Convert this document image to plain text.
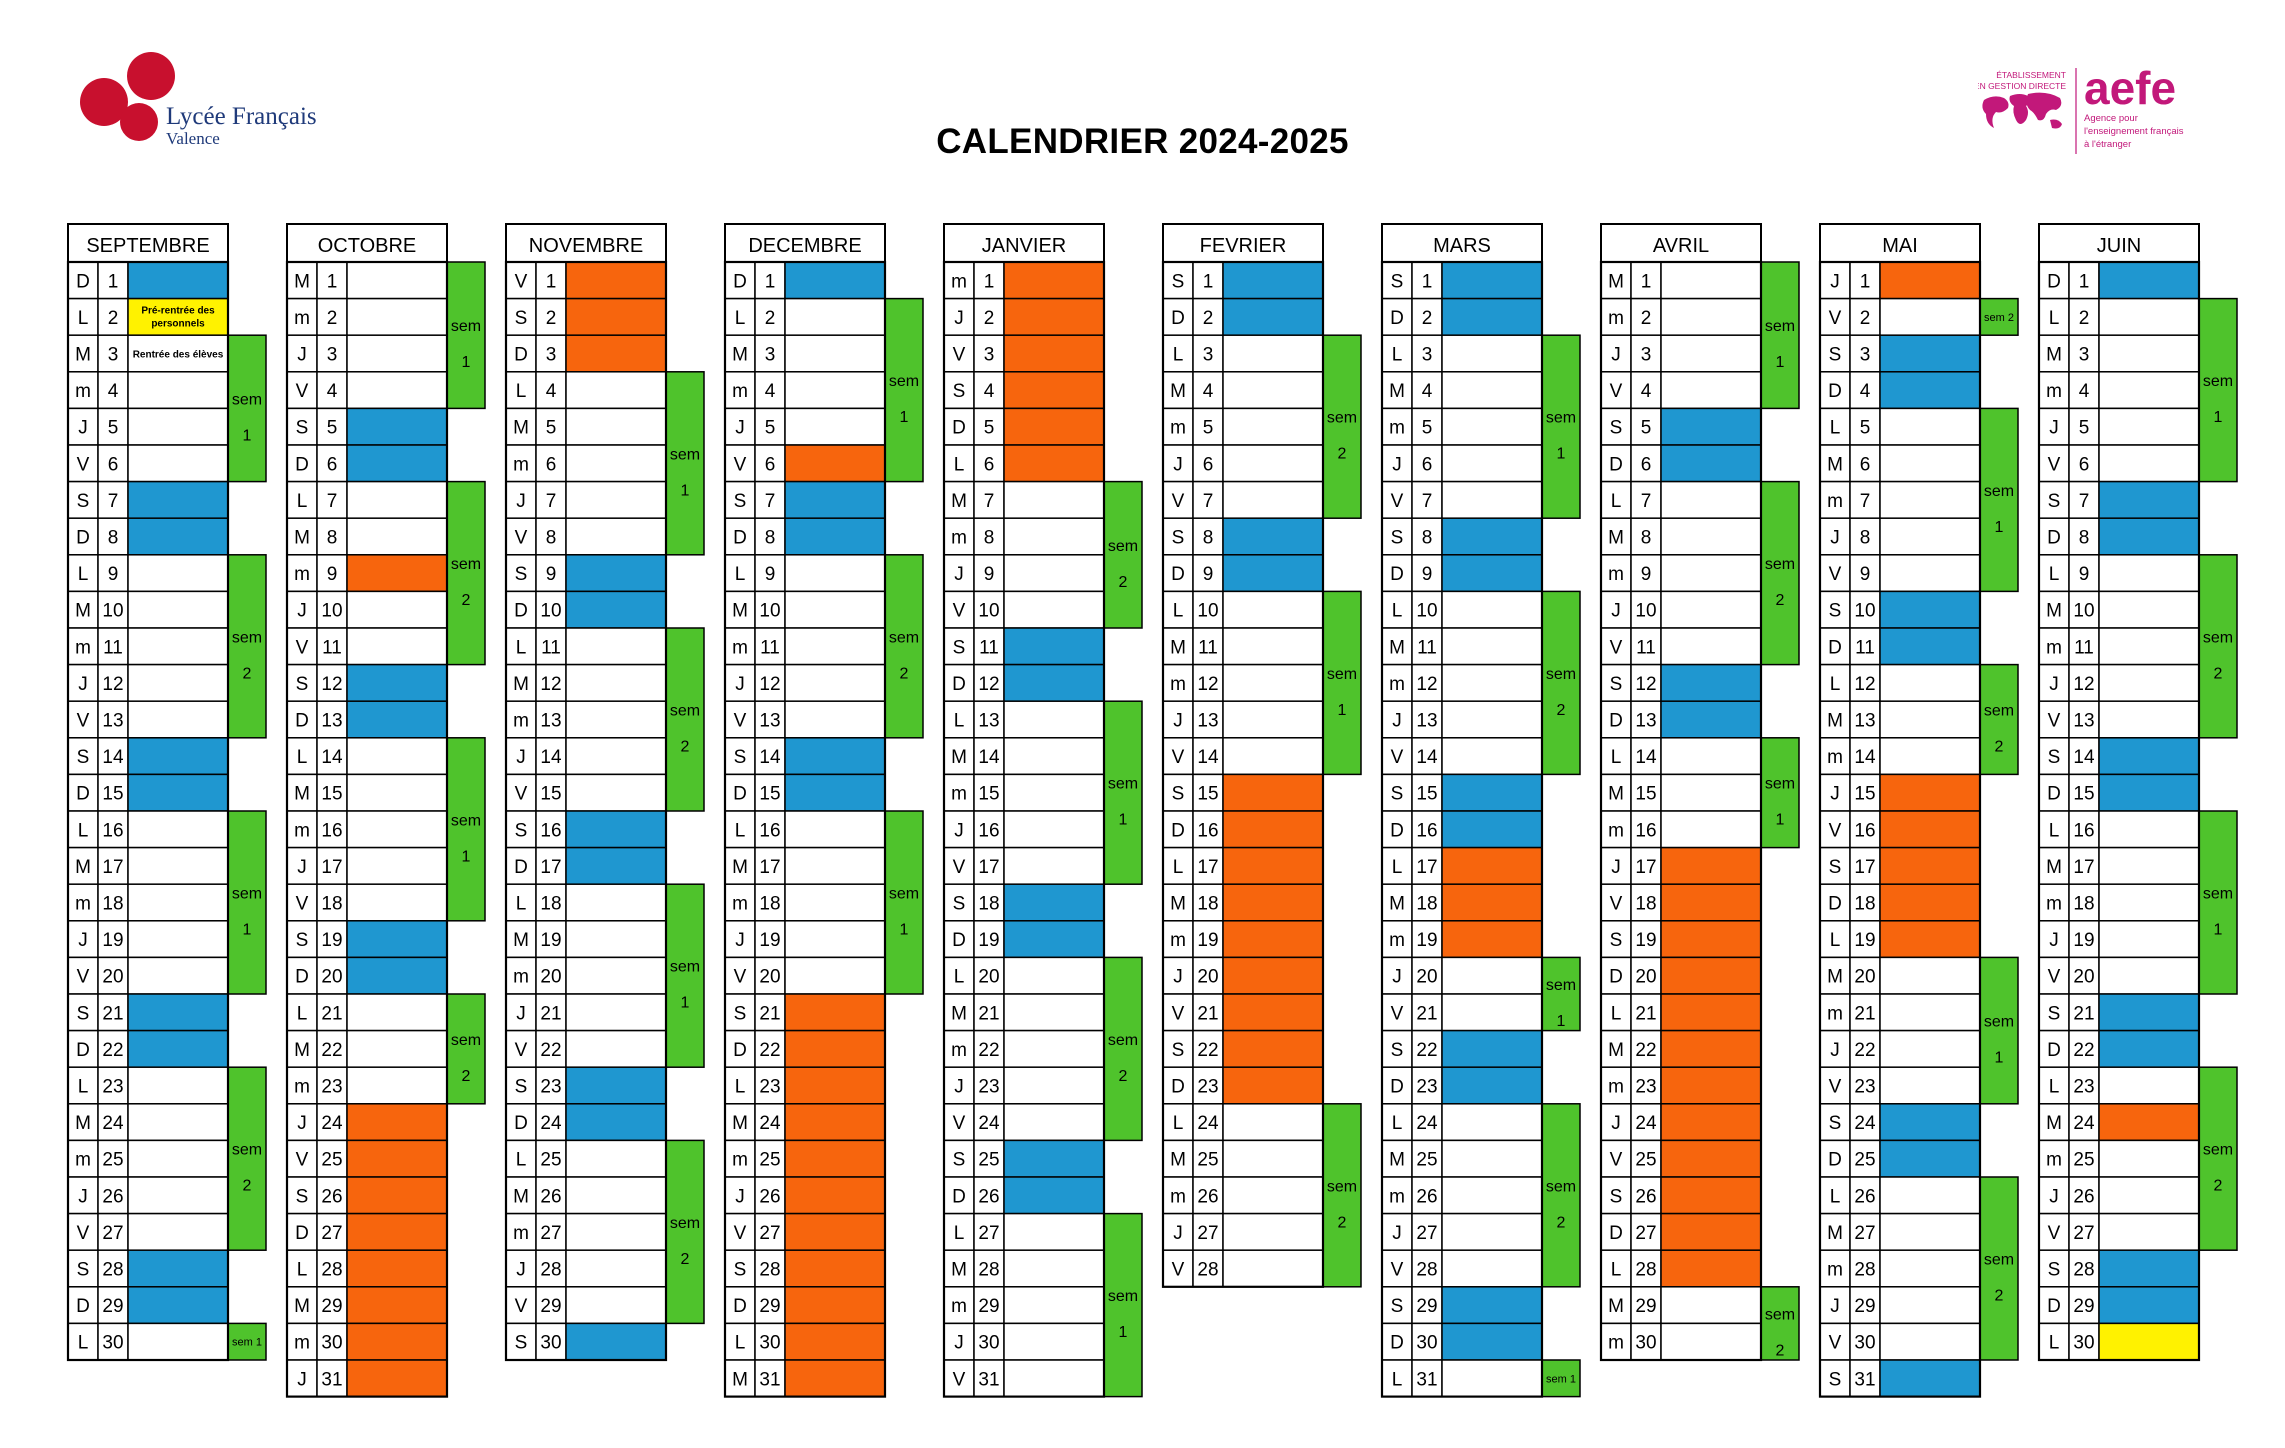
Lycée Français
Valence
ÉTABLISSEMENT
EN GESTION DIRECTE aefe
Agence pour
l'enseignement français
à l'étranger
CALENDRIER 2024-2025
SEPTEMBRE
sem
1
sem
2
sem
1
sem
2
sem 1
D 1
L 2
M 3
m 4
J 5
V 6
S 7
D 8
L 9
M 10
m 11
J 12
V 13
S 14
D 15
L 16
M 17
m 18
J 19
V 20
S 21
D 22
L 23
M 24
m 25
J 26
V 27
S 28
D 29
L 30
Pré-rentrée des
personnels
Rentrée des élèves
OCTOBRE
sem
1
sem
2
sem
1
sem
2
M 1
m 2
J 3
V 4
S 5
D 6
L 7
M 8
m 9
J 10
V 11
S 12
D 13
L 14
M 15
m 16
J 17
V 18
S 19
D 20
L 21
M 22
m 23
J 24
V 25
S 26
D 27
L 28
M 29
m 30
J 31
NOVEMBRE
sem
1
sem
2
sem
1
sem
2
V 1
S 2
D 3
L 4
M 5
m 6
J 7
V 8
S 9
D 10
L 11
M 12
m 13
J 14
V 15
S 16
D 17
L 18
M 19
m 20
J 21
V 22
S 23
D 24
L 25
M 26
m 27
J 28
V 29
S 30
DECEMBRE
sem
1
sem
2
sem
1
D 1
L 2
M 3
m 4
J 5
V 6
S 7
D 8
L 9
M 10
m 11
J 12
V 13
S 14
D 15
L 16
M 17
m 18
J 19
V 20
S 21
D 22
L 23
M 24
m 25
J 26
V 27
S 28
D 29
L 30
M 31
JANVIER
sem
2
sem
1
sem
2
sem
1
m 1
J 2
V 3
S 4
D 5
L 6
M 7
m 8
J 9
V 10
S 11
D 12
L 13
M 14
m 15
J 16
V 17
S 18
D 19
L 20
M 21
m 22
J 23
V 24
S 25
D 26
L 27
M 28
m 29
J 30
V 31
FEVRIER
sem
2
sem
1
sem
2
S 1
D 2
L 3
M 4
m 5
J 6
V 7
S 8
D 9
L 10
M 11
m 12
J 13
V 14
S 15
D 16
L 17
M 18
m 19
J 20
V 21
S 22
D 23
L 24
M 25
m 26
J 27
V 28
MARS
sem
1
sem
2
sem
1
sem
2
sem 1
S 1
D 2
L 3
M 4
m 5
J 6
V 7
S 8
D 9
L 10
M 11
m 12
J 13
V 14
S 15
D 16
L 17
M 18
m 19
J 20
V 21
S 22
D 23
L 24
M 25
m 26
J 27
V 28
S 29
D 30
L 31
AVRIL
sem
1
sem
2
sem
1
sem
2
M 1
m 2
J 3
V 4
S 5
D 6
L 7
M 8
m 9
J 10
V 11
S 12
D 13
L 14
M 15
m 16
J 17
V 18
S 19
D 20
L 21
M 22
m 23
J 24
V 25
S 26
D 27
L 28
M 29
m 30
MAI
sem 2
sem
1
sem
2
sem
1
sem
2
J 1
V 2
S 3
D 4
L 5
M 6
m 7
J 8
V 9
S 10
D 11
L 12
M 13
m 14
J 15
V 16
S 17
D 18
L 19
M 20
m 21
J 22
V 23
S 24
D 25
L 26
M 27
m 28
J 29
V 30
S 31
JUIN
sem
1
sem
2
sem
1
sem
2
D 1
L 2
M 3
m 4
J 5
V 6
S 7
D 8
L 9
M 10
m 11
J 12
V 13
S 14
D 15
L 16
M 17
m 18
J 19
V 20
S 21
D 22
L 23
M 24
m 25
J 26
V 27
S 28
D 29
L 30
